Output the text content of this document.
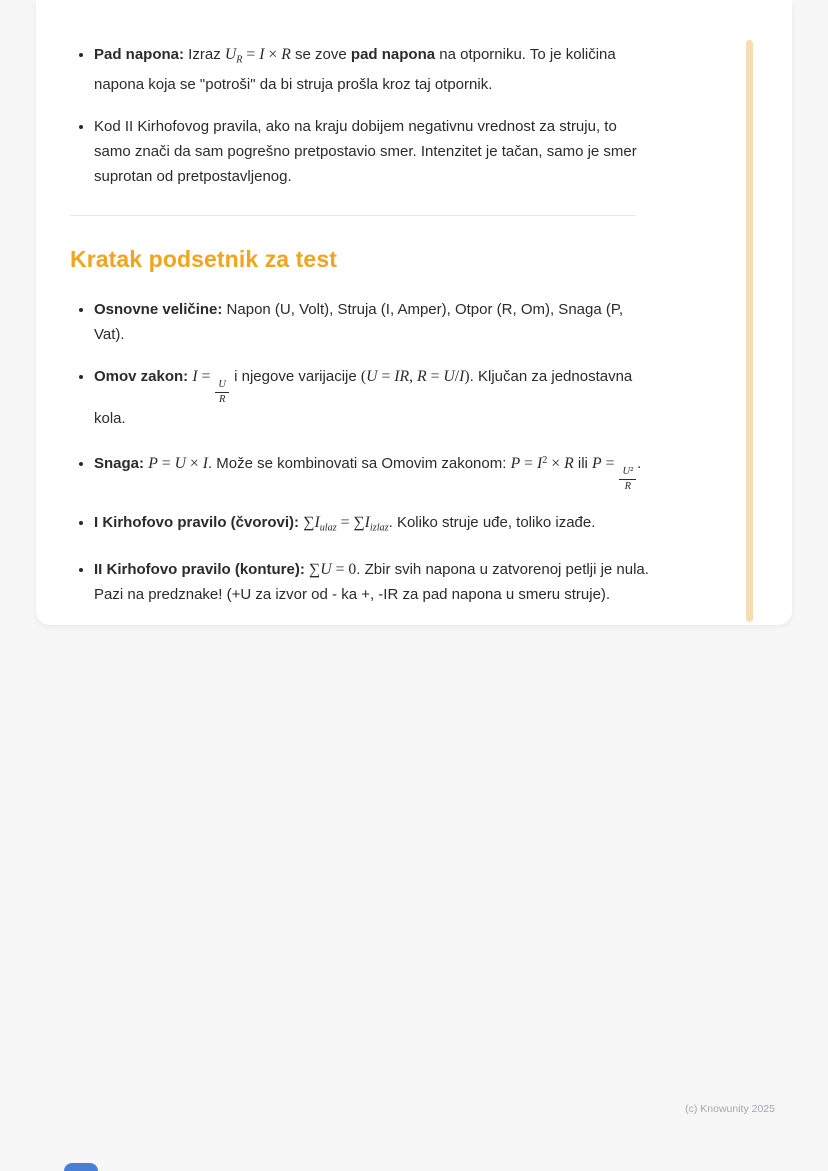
• Pad napona: Izraz $U_R = I \times R$ se zove pad napona na otporniku. To je količina napona koja se "potroši" da bi struja prošla kroz taj otpornik.
• Kod II Kirhofovog pravila, ako na kraju dobijem negativnu vrednost za struju, to samo znači da sam pogrešno pretpostavio smer. Intenzitet je tačan, samo je smer suprotan od pretpostavljenog.
Kratak podsetnik za test
• Osnovne veličine: Napon (U, Volt), Struja (I, Amper), Otpor (R, Om), Snaga (P, Vat).
• Omov zakon: I =
$\frac{U}{R}$
i njegove varijacije (U = IR, R = U/I). Ključan za jednostavna kola.
• Snaga: P = U × I. Može se kombinovati sa Omovim zakonom: $P = I^2 \times R$ ili P =
$\frac{\text{U²}}{R}$
.
• I Kirhofovo pravilo (čvorovi): $\sum I_{ulaz} = \sum I_{izlaz}$. Koliko struje uđe, toliko izađe.
• II Kirhofovo pravilo (konture): ∑U = 0. Zbir svih napona u zatvorenoj petlji je nula. Pazi na predznake! (+U za izvor od - ka +, -IR za pad napona u smeru struje).
(c) Knowunity 2025
